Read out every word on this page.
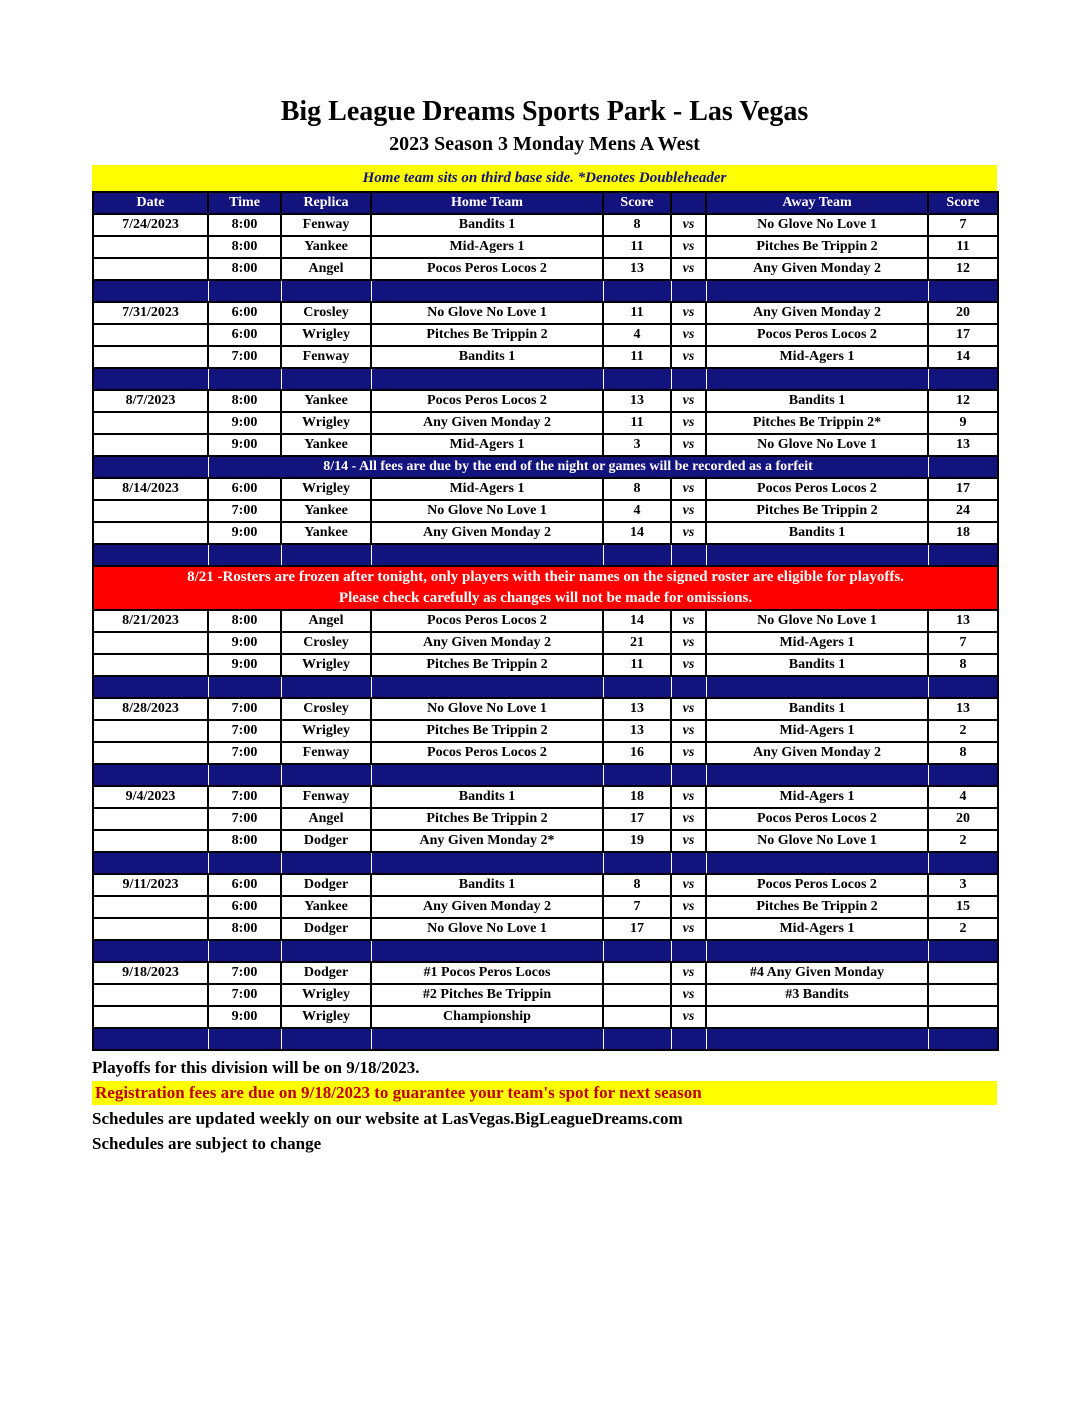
Big League Dreams Sports Park - Las Vegas
2023 Season 3 Monday Mens A West
Home team sits on third base side. *Denotes Doubleheader
Date	Time	Replica	Home Team	Score		Away Team	Score
7/24/2023	8:00	Fenway	Bandits 1	8	vs	No Glove No Love 1	7
	8:00	Yankee	Mid-Agers 1	11	vs	Pitches Be Trippin 2	11
	8:00	Angel	Pocos Peros Locos 2	13	vs	Any Given Monday 2	12

7/31/2023	6:00	Crosley	No Glove No Love 1	11	vs	Any Given Monday 2	20
	6:00	Wrigley	Pitches Be Trippin 2	4	vs	Pocos Peros Locos 2	17
	7:00	Fenway	Bandits 1	11	vs	Mid-Agers 1	14

8/7/2023	8:00	Yankee	Pocos Peros Locos 2	13	vs	Bandits 1	12
	9:00	Wrigley	Any Given Monday 2	11	vs	Pitches Be Trippin 2*	9
	9:00	Yankee	Mid-Agers 1	3	vs	No Glove No Love 1	13
	8/14 - All fees are due by the end of the night or games will be recorded as a forfeit						
8/14/2023	6:00	Wrigley	Mid-Agers 1	8	vs	Pocos Peros Locos 2	17
	7:00	Yankee	No Glove No Love 1	4	vs	Pitches Be Trippin 2	24
	9:00	Yankee	Any Given Monday 2	14	vs	Bandits 1	18

8/21 -Rosters are frozen after tonight, only players with their names on the signed roster are eligible for playoffs.
Please check carefully as changes will not be made for omissions.							

8/21/2023	8:00	Angel	Pocos Peros Locos 2	14	vs	No Glove No Love 1	13
	9:00	Crosley	Any Given Monday 2	21	vs	Mid-Agers 1	7
	9:00	Wrigley	Pitches Be Trippin 2	11	vs	Bandits 1	8

8/28/2023	7:00	Crosley	No Glove No Love 1	13	vs	Bandits 1	13
	7:00	Wrigley	Pitches Be Trippin 2	13	vs	Mid-Agers 1	2
	7:00	Fenway	Pocos Peros Locos 2	16	vs	Any Given Monday 2	8

9/4/2023	7:00	Fenway	Bandits 1	18	vs	Mid-Agers 1	4
	7:00	Angel	Pitches Be Trippin 2	17	vs	Pocos Peros Locos 2	20
	8:00	Dodger	Any Given Monday 2*	19	vs	No Glove No Love 1	2

9/11/2023	6:00	Dodger	Bandits 1	8	vs	Pocos Peros Locos 2	3
	6:00	Yankee	Any Given Monday 2	7	vs	Pitches Be Trippin 2	15
	8:00	Dodger	No Glove No Love 1	17	vs	Mid-Agers 1	2

9/18/2023	7:00	Dodger	#1 Pocos Peros Locos		vs	#4 Any Given Monday	
	7:00	Wrigley	#2 Pitches Be Trippin		vs	#3 Bandits	
	9:00	Wrigley	Championship		vs		

Playoffs for this division will be on 9/18/2023.
Registration fees are due on 9/18/2023 to guarantee your team's spot for next season
Schedules are updated weekly on our website at LasVegas.BigLeagueDreams.com
Schedules are subject to change
